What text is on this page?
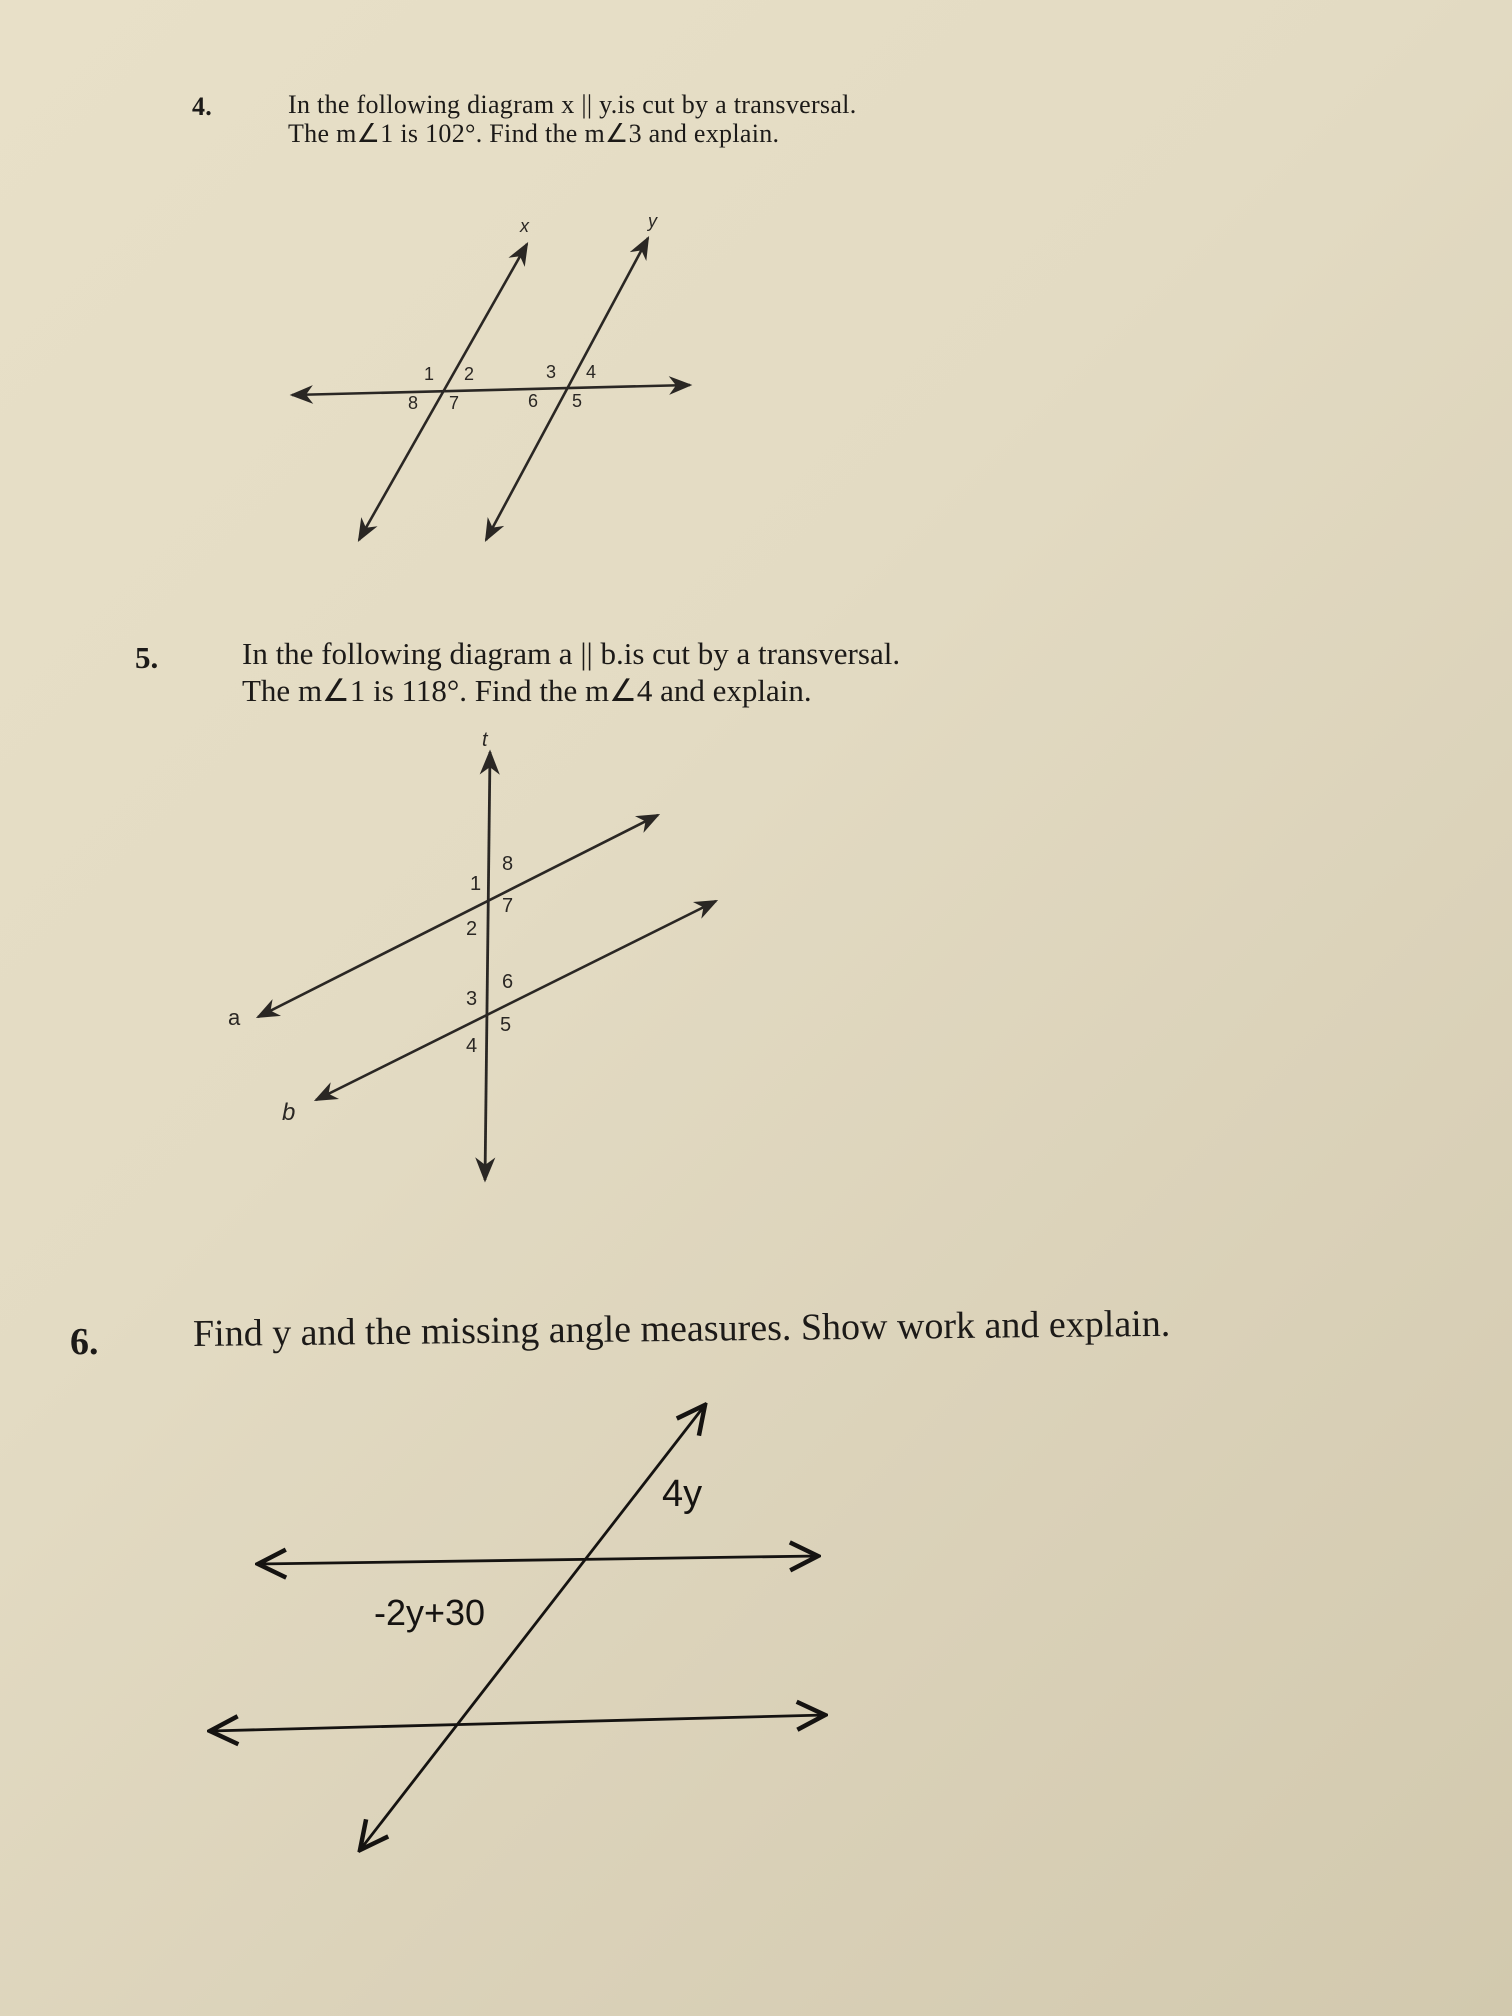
4.	In the following diagram x || y.is cut by a transversal.
The m∠1 is 102°. Find the m∠3 and explain.
x	y
1 2	3 4
5
6
7
8
5.	In the following diagram a || b.is cut by a transversal.
The m∠1 is 118°. Find the m∠4 and explain.
t
a
b
1
2
3
4
5
6
7
8
6. Find y and the missing angle measures. Show work and explain.
4y
-2y+30
